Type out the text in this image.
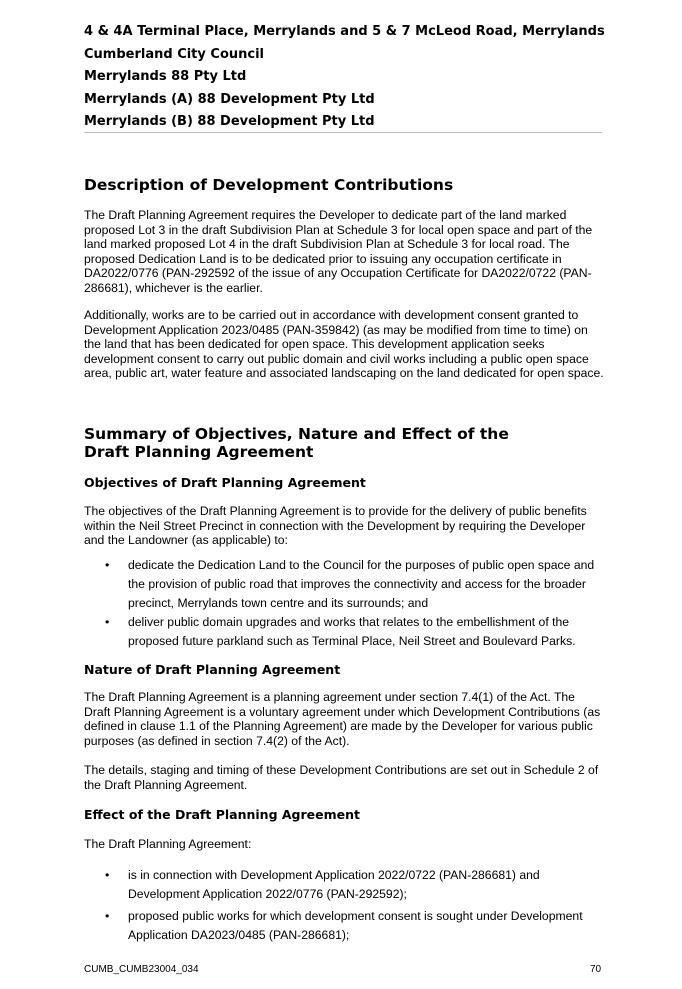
4 & 4A Terminal Place, Merrylands and 5 & 7 McLeod Road, Merrylands
Cumberland City Council
Merrylands 88 Pty Ltd
Merrylands (A) 88 Development Pty Ltd
Merrylands (B) 88 Development Pty Ltd
Description of Development Contributions

The Draft Planning Agreement requires the Developer to dedicate part of the land marked proposed Lot 3 in the draft Subdivision Plan at Schedule 3 for local open space and part of the land marked proposed Lot 4 in the draft Subdivision Plan at Schedule 3 for local road. The proposed Dedication Land is to be dedicated prior to issuing any occupation certificate in DA2022/0776 (PAN-292592 of the issue of any Occupation Certificate for DA2022/0722 (PAN-286681), whichever is the earlier.

Additionally, works are to be carried out in accordance with development consent granted to Development Application 2023/0485 (PAN-359842) (as may be modified from time to time) on the land that has been dedicated for open space. This development application seeks development consent to carry out public domain and civil works including a public open space area, public art, water feature and associated landscaping on the land dedicated for open space.

Summary of Objectives, Nature and Effect of the Draft Planning Agreement
Objectives of Draft Planning Agreement

The objectives of the Draft Planning Agreement is to provide for the delivery of public benefits within the Neil Street Precinct in connection with the Development by requiring the Developer and the Landowner (as applicable) to:

• dedicate the Dedication Land to the Council for the purposes of public open space and the provision of public road that improves the connectivity and access for the broader precinct, Merrylands town centre and its surrounds; and
• deliver public domain upgrades and works that relates to the embellishment of the proposed future parkland such as Terminal Place, Neil Street and Boulevard Parks.
Nature of Draft Planning Agreement

The Draft Planning Agreement is a planning agreement under section 7.4(1) of the Act. The Draft Planning Agreement is a voluntary agreement under which Development Contributions (as defined in clause 1.1 of the Planning Agreement) are made by the Developer for various public purposes (as defined in section 7.4(2) of the Act).

The details, staging and timing of these Development Contributions are set out in Schedule 2 of the Draft Planning Agreement.

Effect of the Draft Planning Agreement

The Draft Planning Agreement:

• is in connection with Development Application 2022/0722 (PAN-286681) and Development Application 2022/0776 (PAN-292592);
• proposed public works for which development consent is sought under Development Application DA2023/0485 (PAN-286681);
CUMB_CUMB23004_034	70
